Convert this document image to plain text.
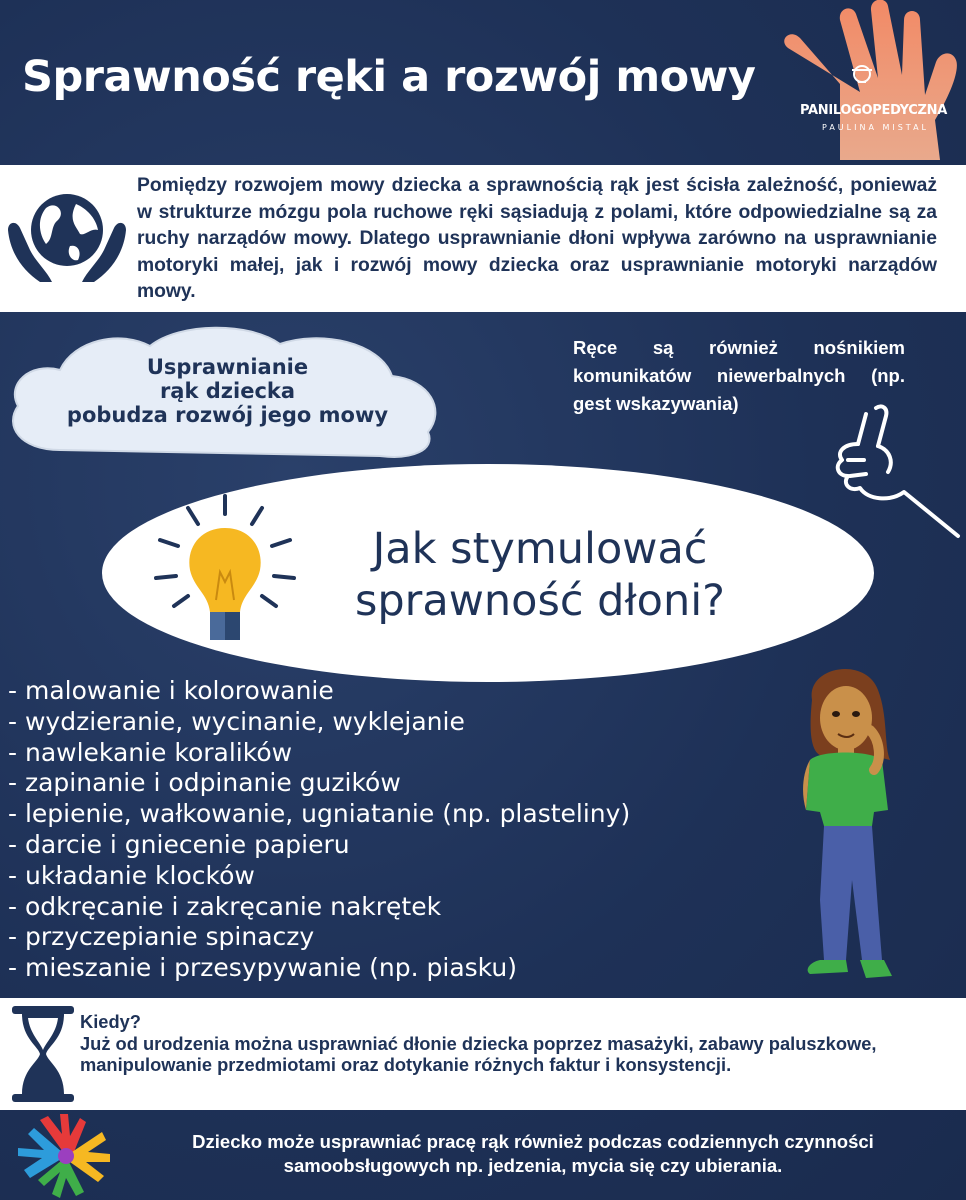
Sprawność ręki a rozwój mowy
PANILOGOPEDYCZNA
PAULINA MISTAL
Pomiędzy rozwojem mowy dziecka a sprawnością rąk jest ścisła zależność, ponieważ w strukturze mózgu pola ruchowe ręki sąsiadują z polami, które odpowiedzialne są za ruchy narządów mowy. Dlatego usprawnianie dłoni wpływa zarówno na usprawnianie motoryki małej, jak i rozwój mowy dziecka oraz usprawnianie motoryki narządów mowy.
Usprawnianie
rąk dziecka
pobudza rozwój jego mowy
Ręce są również nośnikiem komunikatów niewerbalnych (np. gest wskazywania)
Jak stymulować
sprawność dłoni?
- malowanie i kolorowanie
- wydzieranie, wycinanie, wyklejanie
- nawlekanie koralików
- zapinanie i odpinanie guzików
- lepienie, wałkowanie, ugniatanie (np. plasteliny)
- darcie i gniecenie papieru
- układanie klocków
- odkręcanie i zakręcanie nakrętek
- przyczepianie spinaczy
- mieszanie i przesypywanie (np. piasku)
Kiedy?
Już od urodzenia można usprawniać dłonie dziecka poprzez masażyki, zabawy paluszkowe, manipulowanie przedmiotami oraz dotykanie różnych faktur i konsystencji.
Dziecko może usprawniać pracę rąk również podczas codziennych czynności samoobsługowych np. jedzenia, mycia się czy ubierania.
